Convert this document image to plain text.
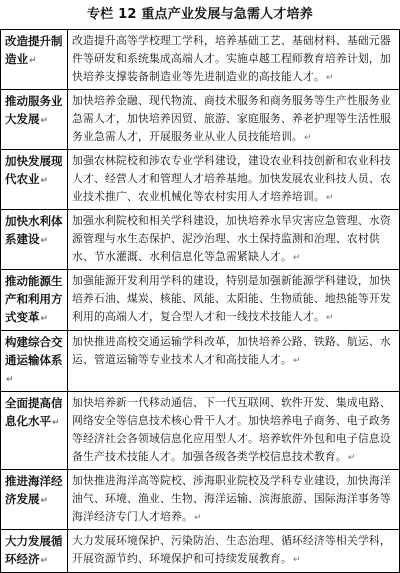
专栏 12 重点产业发展与急需人才培养
改造提升制造业↵	改造提升高等学校理工学科，培养基础工艺、基础材料、基础元器件等研发和系统集成高端人才。实施卓越工程师教育培养计划，加快培养支撑装备制造业等先进制造业的高技能人才。↵
推动服务业大发展↵	加快培养金融、现代物流、商技术服务和商务服务等生产性服务业急需人才，加快培养因贸、旅游、家庭服务、养老护理等生活性服务业急需人才，开展服务业从业人员技能培训。↵
加快发展现代农业↵	加强农林院校和涉农专业学科建设，建设农业科技创新和农业科技人才、经营人才和管理人才培养基地。加快发展农业科技人员、农业技术推广、农业机械化等农村实用人才培养培训。↵
加快水利体系建设↵	加强水利院校和相关学科建设，加快培养水旱灾害应急管理、水资源管理与水生态保护、泥沙治理、水土保持监测和治理、农村供水、节水灌溉、水利信息化等急需紧缺人才。↵
推动能源生产和利用方式变革↵	加强能源开发利用学科的建设，特别是加强新能源学科建设，加快培养石油、煤炭、核能、风能、太阳能、生物质能、地热能等开发利用的高端人才，复合型人才和一线技术技能人才。↵
构建综合交通运输体系↵	加快推进高校交通运输学科改革，加快培养公路、铁路、航运、水运、管道运输等专业技术人才和高技能人才。↵
全面提高信息化水平↵	加快培养新一代移动通信、下一代互联网、软件开发、集成电路、网络安全等信息技术核心骨干人才。加快培养电子商务、电子政务等经济社会各领域信息化应用型人才。培养软件外包和电子信息设备生产技术技能人才。加强各级各类学校信息技术教育。↵
推进海洋经济发展↵	加快推进海洋高等院校、涉海职业院校及学科专业建设，加快海洋油气、环境、渔业、生物、海洋运输、滨海旅游、国际海洋事务等海洋经济专门人才培养。↵
大力发展循环经济↵	大力发展环境保护、污染防治、生态治理、循环经济等相关学科，开展资源节约、环境保护和可持续发展教育。↵
